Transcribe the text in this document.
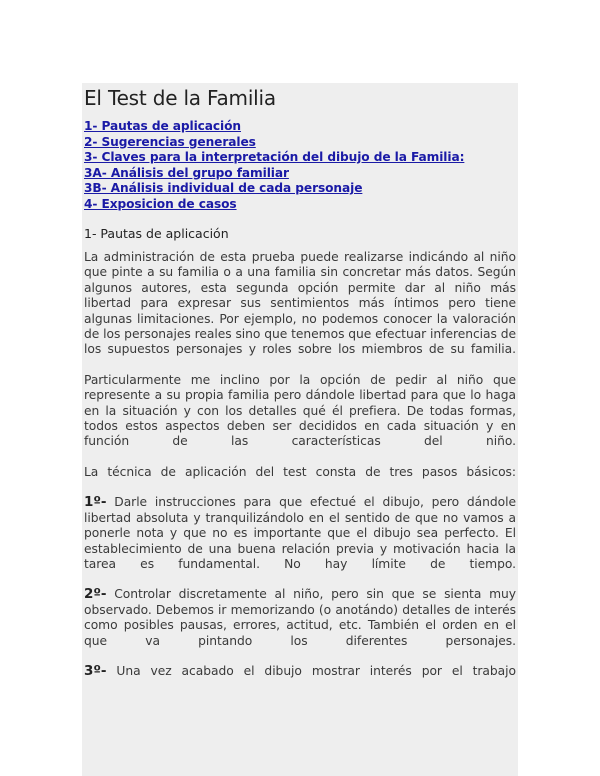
El Test de la Familia
1- Pautas de aplicación
2- Sugerencias generales
3- Claves para la interpretación del dibujo de la Familia:
3A- Análisis del grupo familiar
3B- Análisis individual de cada personaje
4- Exposicion de casos
1- Pautas de aplicación

La administración de esta prueba puede realizarse indicándo al niño que pinte a su familia o a una familia sin concretar más datos. Según algunos autores, esta segunda opción permite dar al niño más libertad para expresar sus sentimientos más íntimos pero tiene algunas limitaciones. Por ejemplo, no podemos conocer la valoración de los personajes reales sino que tenemos que efectuar inferencias de los supuestos personajes y roles sobre los miembros de su familia.

Particularmente me inclino por la opción de pedir al niño que represente a su propia familia pero dándole libertad para que lo haga en la situación y con los detalles qué él prefiera. De todas formas, todos estos aspectos deben ser decididos en cada situación y en función de las características del niño.

La técnica de aplicación del test consta de tres pasos básicos:

1º- Darle instrucciones para que efectué el dibujo, pero dándole libertad absoluta y tranquilizándolo en el sentido de que no vamos a ponerle nota y que no es importante que el dibujo sea perfecto. El establecimiento de una buena relación previa y motivación hacia la tarea es fundamental. No hay límite de tiempo.

2º- Controlar discretamente al niño, pero sin que se sienta muy observado. Debemos ir memorizando (o anotándo) detalles de interés como posibles pausas, errores, actitud, etc. También el orden en el que va pintando los diferentes personajes.

3º- Una vez acabado el dibujo mostrar interés por el trabajo
